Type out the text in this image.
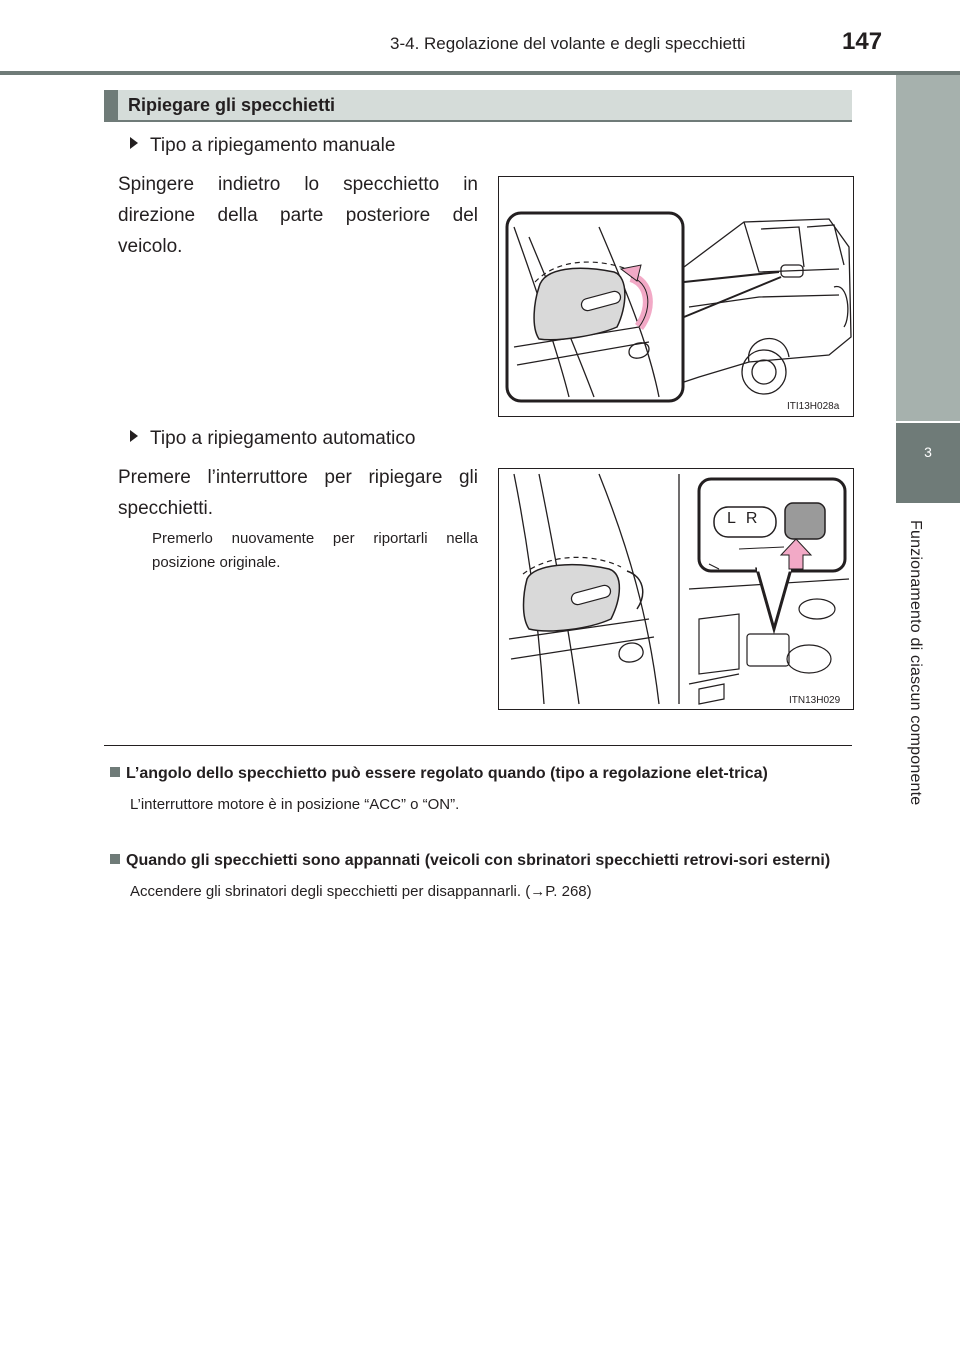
3-4. Regolazione del volante e degli specchietti	147
3
Funzionamento di ciascun componente
Ripiegare gli specchietti
Tipo a ripiegamento manuale
Spingere indietro lo specchietto in direzione della parte posteriore del veicolo.
ITI13H028a
Tipo a ripiegamento automatico
Premere l’interruttore per ripiegare gli specchietti.
Premerlo nuovamente per riportarli nella posizione originale.
LR
ITN13H029
L’angolo dello specchietto può essere regolato quando (tipo a regolazione elet-trica)
L’interruttore motore è in posizione “ACC” o “ON”.
Quando gli specchietti sono appannati (veicoli con sbrinatori specchietti retrovi-sori esterni)
Accendere gli sbrinatori degli specchietti per disappannarli. (→P. 268)
